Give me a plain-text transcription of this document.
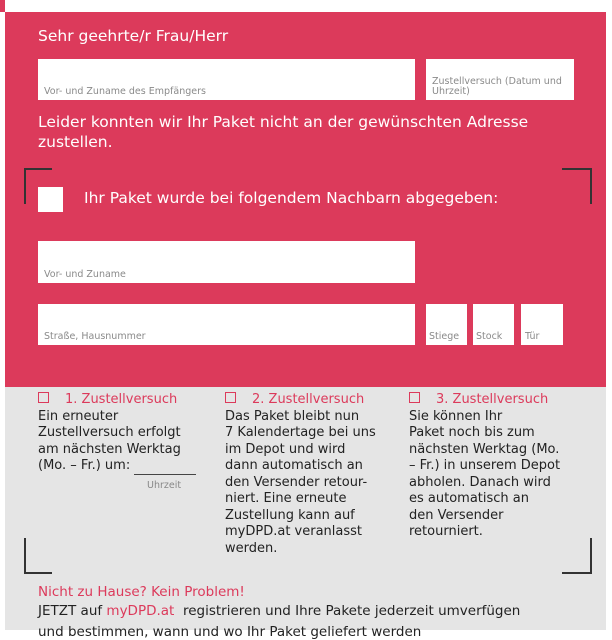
Sehr geehrte/r Frau/Herr
Vor- und Zuname des Empfängers
Zustellversuch (Datum und Uhrzeit)
Leider konnten wir Ihr Paket nicht an der gewünschten Adresse zustellen.
Ihr Paket wurde bei folgendem Nachbarn abgegeben:
Vor- und Zuname
Straße, Hausnummer	Stiege Stock Tür
1. Zustellversuch
Ein erneuter
Zustellversuch erfolgt
am nächsten Werktag
(Mo. – Fr.) um:
Uhrzeit
2. Zustellversuch
Das Paket bleibt nun
7 Kalendertage bei uns
im Depot und wird
dann automatisch an
den Versender retour-
niert. Eine erneute
Zustellung kann auf
myDPD.at veranlasst
werden.
3. Zustellversuch
Sie können Ihr
Paket noch bis zum
nächsten Werktag (Mo.
– Fr.) in unserem Depot
abholen. Danach wird
es automatisch an
den Versender
retourniert.
Nicht zu Hause? Kein Problem!
JETZT auf myDPD.at  registrieren und Ihre Pakete jederzeit umverfügen
und bestimmen, wann und wo Ihr Paket geliefert werden
